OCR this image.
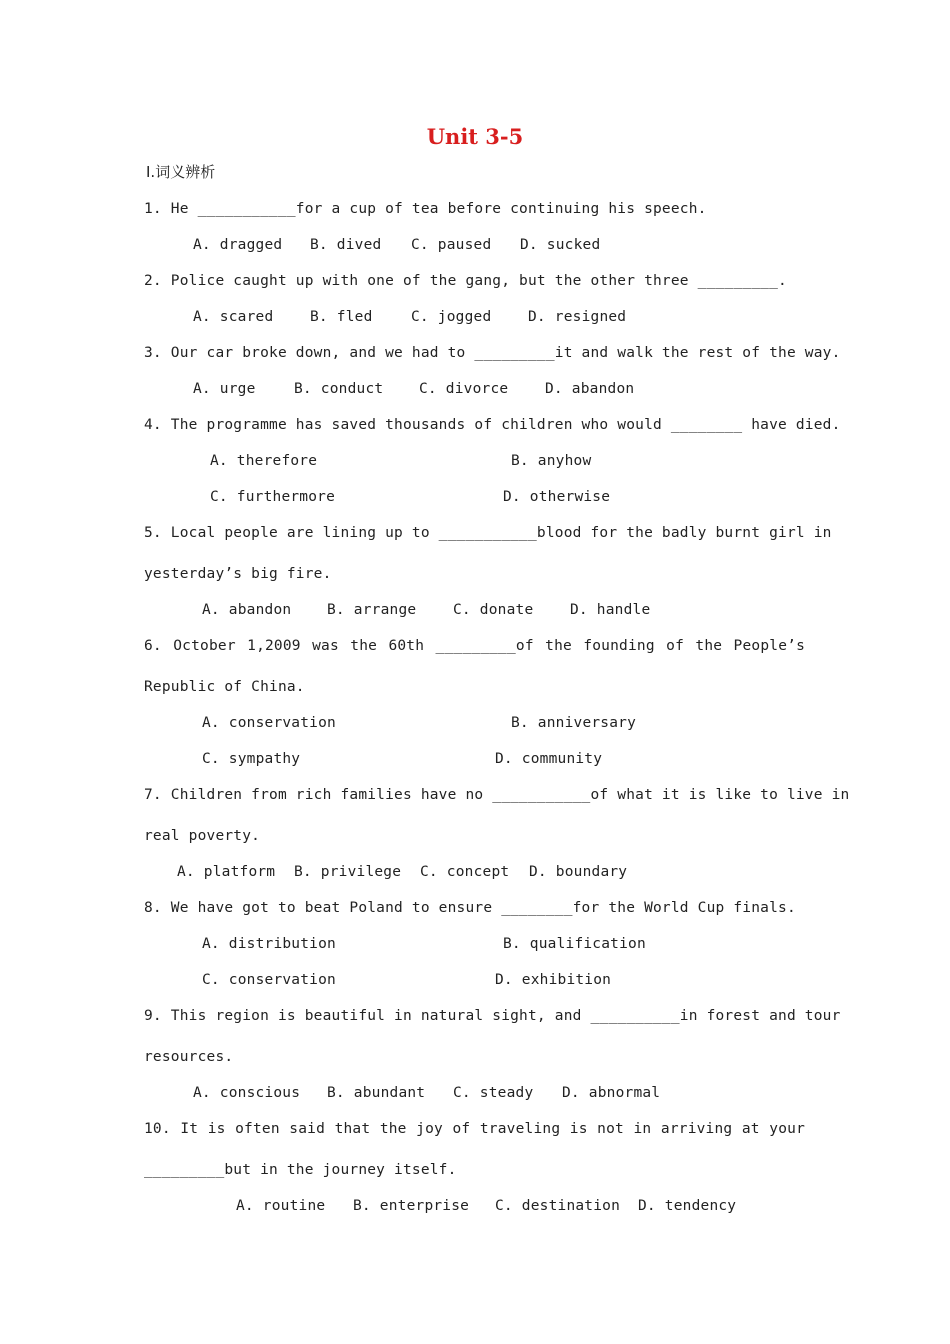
Unit 3-5
Ⅰ.词义辨析
1. He ___________for a cup of tea before continuing his speech.
A. dragged B. dived C. paused D. sucked
2. Police caught up with one of the gang, but the other three _________.
A. scared	B. fled	C. jogged	D. resigned
3. Our car broke down, and we had to _________it and walk the rest of the way.
A. urge	B. conduct C. divorce	D. abandon
4. The programme has saved thousands of children who would ________ have died.
A. therefore	B. anyhow
C. furthermore	D. otherwise
5. Local people are lining up to ___________blood for the badly burnt girl in
yesterday’s big fire.
A. abandon B. arrange	C. donate	D. handle
6. October 1,2009 was the 60th _________of the founding of the People’s
Republic of China.
A. conservation	B. anniversary
C. sympathy	D. community
7. Children from rich families have no ___________of what it is like to live in
real poverty.
A. platform B. privilege C. concept D. boundary
8. We have got to beat Poland to ensure ________for the World Cup finals.
A. distribution	B. qualification
C. conservation	D. exhibition
9. This region is beautiful in natural sight, and __________in forest and tour
resources.
A. conscious B. abundant C. steady D. abnormal
10. It is often said that the joy of traveling is not in arriving at your
_________but in the journey itself.
A. routine B. enterprise C. destination D. tendency
